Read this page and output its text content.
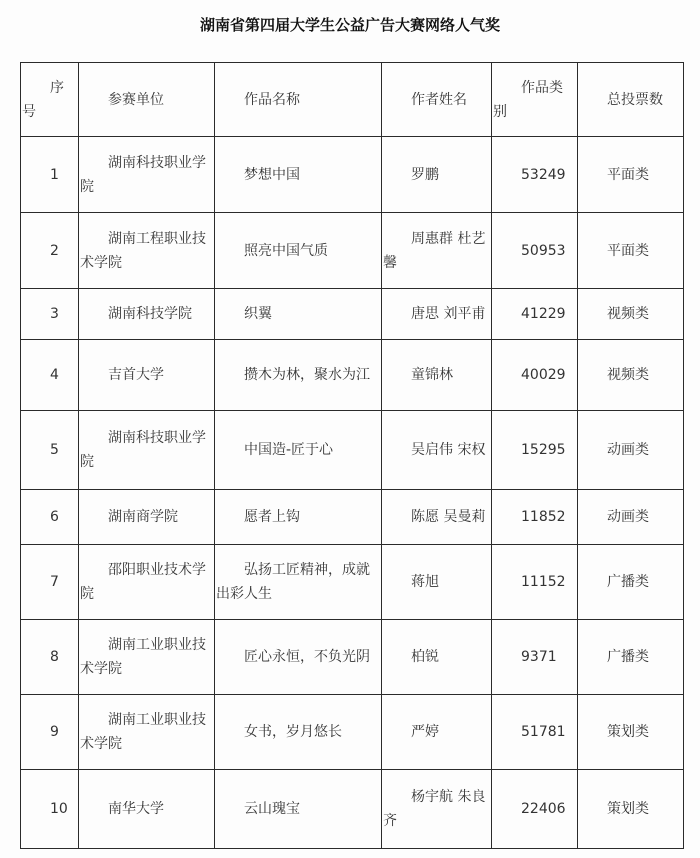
湖南省第四届大学生公益广告大赛网络人气奖

序号	参赛单位	作品名称	作者姓名	作品类别	总投票数
1	湖南科技职业学院	梦想中国	罗鹏	53249	平面类
2	湖南工程职业技术学院	照亮中国气质	周惠群 杜艺馨	50953	平面类
3	湖南科技学院	织翼	唐思 刘平甫	41229	视频类
4	吉首大学	攒木为林，聚水为江	童锦林	40029	视频类
5	湖南科技职业学院	中国造-匠于心	吴启伟 宋权	15295	动画类
6	湖南商学院	愿者上钩	陈愿 吴曼莉	11852	动画类
7	邵阳职业技术学院	弘扬工匠精神，成就出彩人生	蒋旭	11152	广播类
8	湖南工业职业技术学院	匠心永恒，不负光阴	柏锐	9371	广播类
9	湖南工业职业技术学院	女书，岁月悠长	严婷	51781	策划类
10	南华大学	云山瑰宝	杨宇航 朱良齐	22406	策划类
